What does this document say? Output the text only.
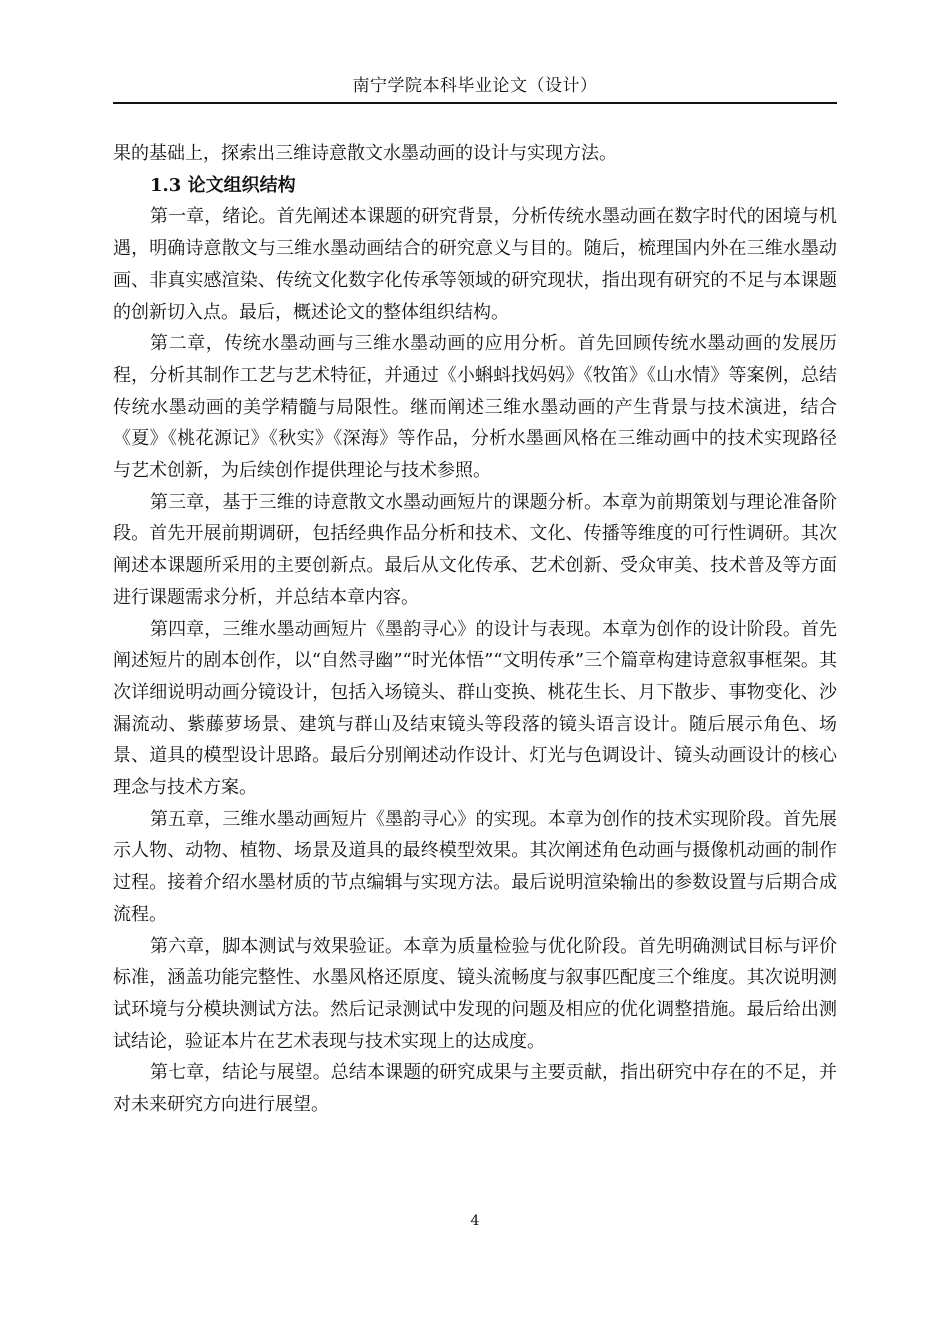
南宁学院本科毕业论文（设计）

果的基础上，探索出三维诗意散文水墨动画的设计与实现方法。

1.3 论文组织结构

第一章，绪论。首先阐述本课题的研究背景，分析传统水墨动画在数字时代的困境与机遇，明确诗意散文与三维水墨动画结合的研究意义与目的。随后，梳理国内外在三维水墨动画、非真实感渲染、传统文化数字化传承等领域的研究现状，指出现有研究的不足与本课题的创新切入点。最后，概述论文的整体组织结构。

第二章，传统水墨动画与三维水墨动画的应用分析。首先回顾传统水墨动画的发展历程，分析其制作工艺与艺术特征，并通过《小蝌蚪找妈妈》《牧笛》《山水情》等案例，总结传统水墨动画的美学精髓与局限性。继而阐述三维水墨动画的产生背景与技术演进，结合《夏》《桃花源记》《秋实》《深海》等作品，分析水墨画风格在三维动画中的技术实现路径与艺术创新，为后续创作提供理论与技术参照。

第三章，基于三维的诗意散文水墨动画短片的课题分析。本章为前期策划与理论准备阶段。首先开展前期调研，包括经典作品分析和技术、文化、传播等维度的可行性调研。其次阐述本课题所采用的主要创新点。最后从文化传承、艺术创新、受众审美、技术普及等方面进行课题需求分析，并总结本章内容。

第四章，三维水墨动画短片《墨韵寻心》的设计与表现。本章为创作的设计阶段。首先阐述短片的剧本创作，以“自然寻幽”“时光体悟”“文明传承”三个篇章构建诗意叙事框架。其次详细说明动画分镜设计，包括入场镜头、群山变换、桃花生长、月下散步、事物变化、沙漏流动、紫藤萝场景、建筑与群山及结束镜头等段落的镜头语言设计。随后展示角色、场景、道具的模型设计思路。最后分别阐述动作设计、灯光与色调设计、镜头动画设计的核心理念与技术方案。

第五章，三维水墨动画短片《墨韵寻心》的实现。本章为创作的技术实现阶段。首先展示人物、动物、植物、场景及道具的最终模型效果。其次阐述角色动画与摄像机动画的制作过程。接着介绍水墨材质的节点编辑与实现方法。最后说明渲染输出的参数设置与后期合成流程。

第六章，脚本测试与效果验证。本章为质量检验与优化阶段。首先明确测试目标与评价标准，涵盖功能完整性、水墨风格还原度、镜头流畅度与叙事匹配度三个维度。其次说明测试环境与分模块测试方法。然后记录测试中发现的问题及相应的优化调整措施。最后给出测试结论，验证本片在艺术表现与技术实现上的达成度。

第七章，结论与展望。总结本课题的研究成果与主要贡献，指出研究中存在的不足，并对未来研究方向进行展望。

4
